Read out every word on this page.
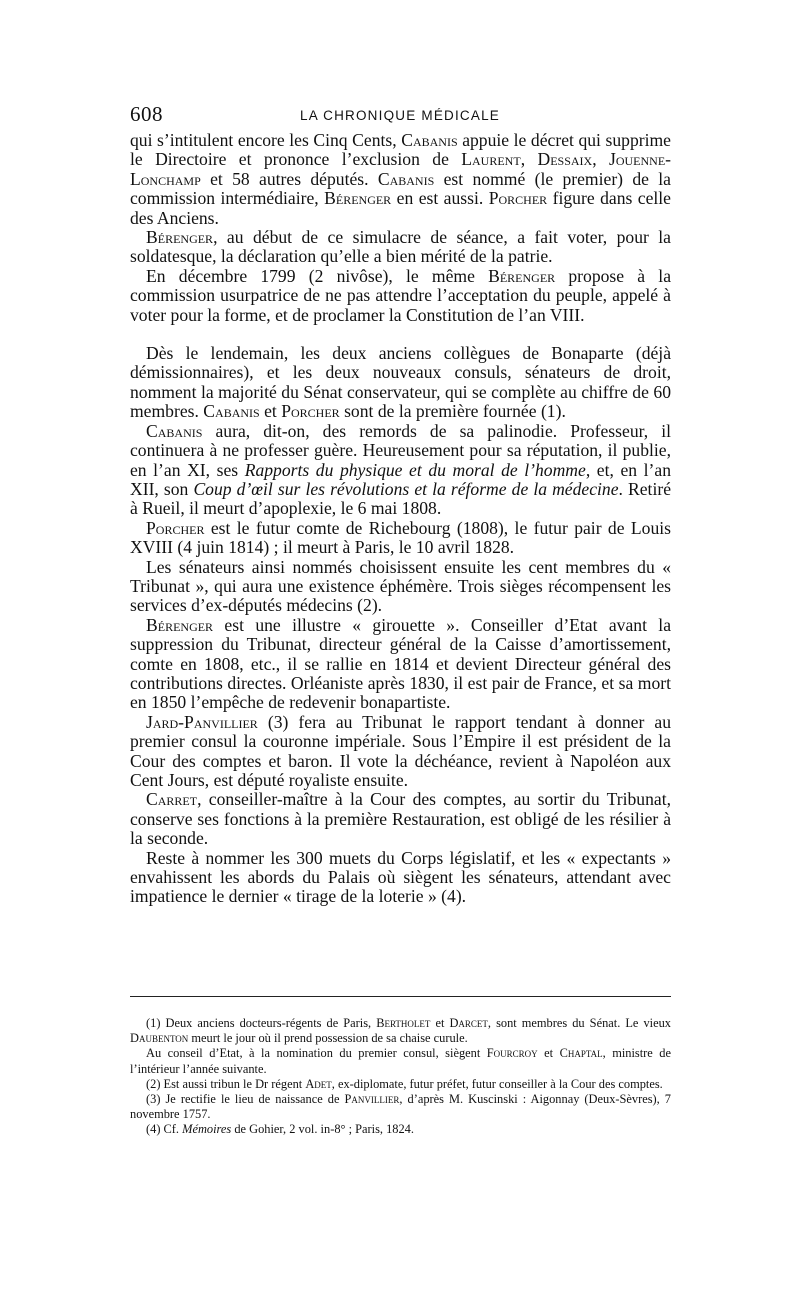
608	LA CHRONIQUE MÉDICALE

qui s’intitulent encore les Cinq Cents, Cabanis appuie le décret qui supprime le Directoire et prononce l’exclusion de Laurent, Dessaix, Jouenne-Lonchamp et 58 autres députés. Cabanis est nommé (le premier) de la commission intermédiaire, Bérenger en est aussi. Porcher figure dans celle des Anciens.

Bérenger, au début de ce simulacre de séance, a fait voter, pour la soldatesque, la déclaration qu’elle a bien mérité de la patrie.

En décembre 1799 (2 nivôse), le même Bérenger propose à la commission usurpatrice de ne pas attendre l’acceptation du peuple, appelé à voter pour la forme, et de proclamer la Constitution de l’an VIII.

Dès le lendemain, les deux anciens collègues de Bonaparte (déjà démissionnaires), et les deux nouveaux consuls, sénateurs de droit, nomment la majorité du Sénat conservateur, qui se complète au chiffre de 60 membres. Cabanis et Porcher sont de la première fournée (1).

Cabanis aura, dit-on, des remords de sa palinodie. Professeur, il continuera à ne professer guère. Heureusement pour sa réputation, il publie, en l’an XI, ses Rapports du physique et du moral de l’homme, et, en l’an XII, son Coup d’œil sur les révolutions et la réforme de la médecine. Retiré à Rueil, il meurt d’apoplexie, le 6 mai 1808.

Porcher est le futur comte de Richebourg (1808), le futur pair de Louis XVIII (4 juin 1814) ; il meurt à Paris, le 10 avril 1828.

Les sénateurs ainsi nommés choisissent ensuite les cent membres du « Tribunat », qui aura une existence éphémère. Trois sièges récompensent les services d’ex-députés médecins (2).

Bérenger est une illustre « girouette ». Conseiller d’Etat avant la suppression du Tribunat, directeur général de la Caisse d’amortissement, comte en 1808, etc., il se rallie en 1814 et devient Directeur général des contributions directes. Orléaniste après 1830, il est pair de France, et sa mort en 1850 l’empêche de redevenir bonapartiste.

Jard-Panvillier (3) fera au Tribunat le rapport tendant à donner au premier consul la couronne impériale. Sous l’Empire il est président de la Cour des comptes et baron. Il vote la déchéance, revient à Napoléon aux Cent Jours, est député royaliste ensuite.

Carret, conseiller-maître à la Cour des comptes, au sortir du Tribunat, conserve ses fonctions à la première Restauration, est obligé de les résilier à la seconde.

Reste à nommer les 300 muets du Corps législatif, et les « expectants » envahissent les abords du Palais où siègent les sénateurs, attendant avec impatience le dernier « tirage de la loterie » (4).

(1) Deux anciens docteurs-régents de Paris, Bertholet et Darcet, sont membres du Sénat. Le vieux Daubenton meurt le jour où il prend possession de sa chaise curule.

Au conseil d’Etat, à la nomination du premier consul, siègent Fourcroy et Chaptal, ministre de l’intérieur l’année suivante.

(2) Est aussi tribun le Dr régent Adet, ex-diplomate, futur préfet, futur conseiller à la Cour des comptes.

(3) Je rectifie le lieu de naissance de Panvillier, d’après M. Kuscinski : Aigonnay (Deux-Sèvres), 7 novembre 1757.

(4) Cf. Mémoires de Gohier, 2 vol. in-8° ; Paris, 1824.
